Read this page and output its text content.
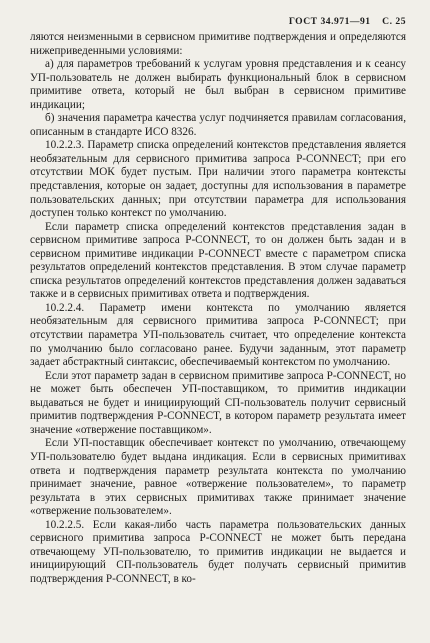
ГОСТ 34.971—91 С. 25

ляются неизменными в сервисном примитиве подтверждения и определяются нижеприведенными условиями:

а) для параметров требований к услугам уровня представления и к сеансу УП-пользователь не должен выбирать функциональный блок в сервисном примитиве ответа, который не был выбран в сервисном примитиве индикации;

б) значения параметра качества услуг подчиняется правилам согласования, описанным в стандарте ИСО 8326.

10.2.2.3. Параметр списка определений контекстов представления является необязательным для сервисного примитива запроса P-CONNECT; при его отсутствии МОК будет пустым. При наличии этого параметра контексты представления, которые он задает, доступны для использования в параметре пользовательских данных; при отсутствии параметра для использования доступен только контекст по умолчанию.

Если параметр списка определений контекстов представления задан в сервисном примитиве запроса P-CONNECT, то он должен быть задан и в сервисном примитиве индикации P-CONNECT вместе с параметром списка результатов определений контекстов представления. В этом случае параметр списка результатов определений контекстов представления должен задаваться также и в сервисных примитивах ответа и подтверждения.

10.2.2.4. Параметр имени контекста по умолчанию является необязательным для сервисного примитива запроса P-CONNECT; при отсутствии параметра УП-пользователь считает, что определение контекста по умолчанию было согласовано ранее. Будучи заданным, этот параметр задает абстрактный синтаксис, обеспечиваемый контекстом по умолчанию.

Если этот параметр задан в сервисном примитиве запроса P-CONNECT, но не может быть обеспечен УП-поставщиком, то примитив индикации выдаваться не будет и инициирующий СП-пользователь получит сервисный примитив подтверждения P-CONNECT, в котором параметр результата имеет значение «отвержение поставщиком».

Если УП-поставщик обеспечивает контекст по умолчанию, отвечающему УП-пользователю будет выдана индикация. Если в сервисных примитивах ответа и подтверждения параметр результата контекста по умолчанию принимает значение, равное «отвержение пользователем», то параметр результата в этих сервисных примитивах также принимает значение «отвержение пользователем».

10.2.2.5. Если какая-либо часть параметра пользовательских данных сервисного примитива запроса P-CONNECT не может быть передана отвечающему УП-пользователю, то примитив индикации не выдается и инициирующий СП-пользователь будет получать сервисный примитив подтверждения P-CONNECT, в ко-
